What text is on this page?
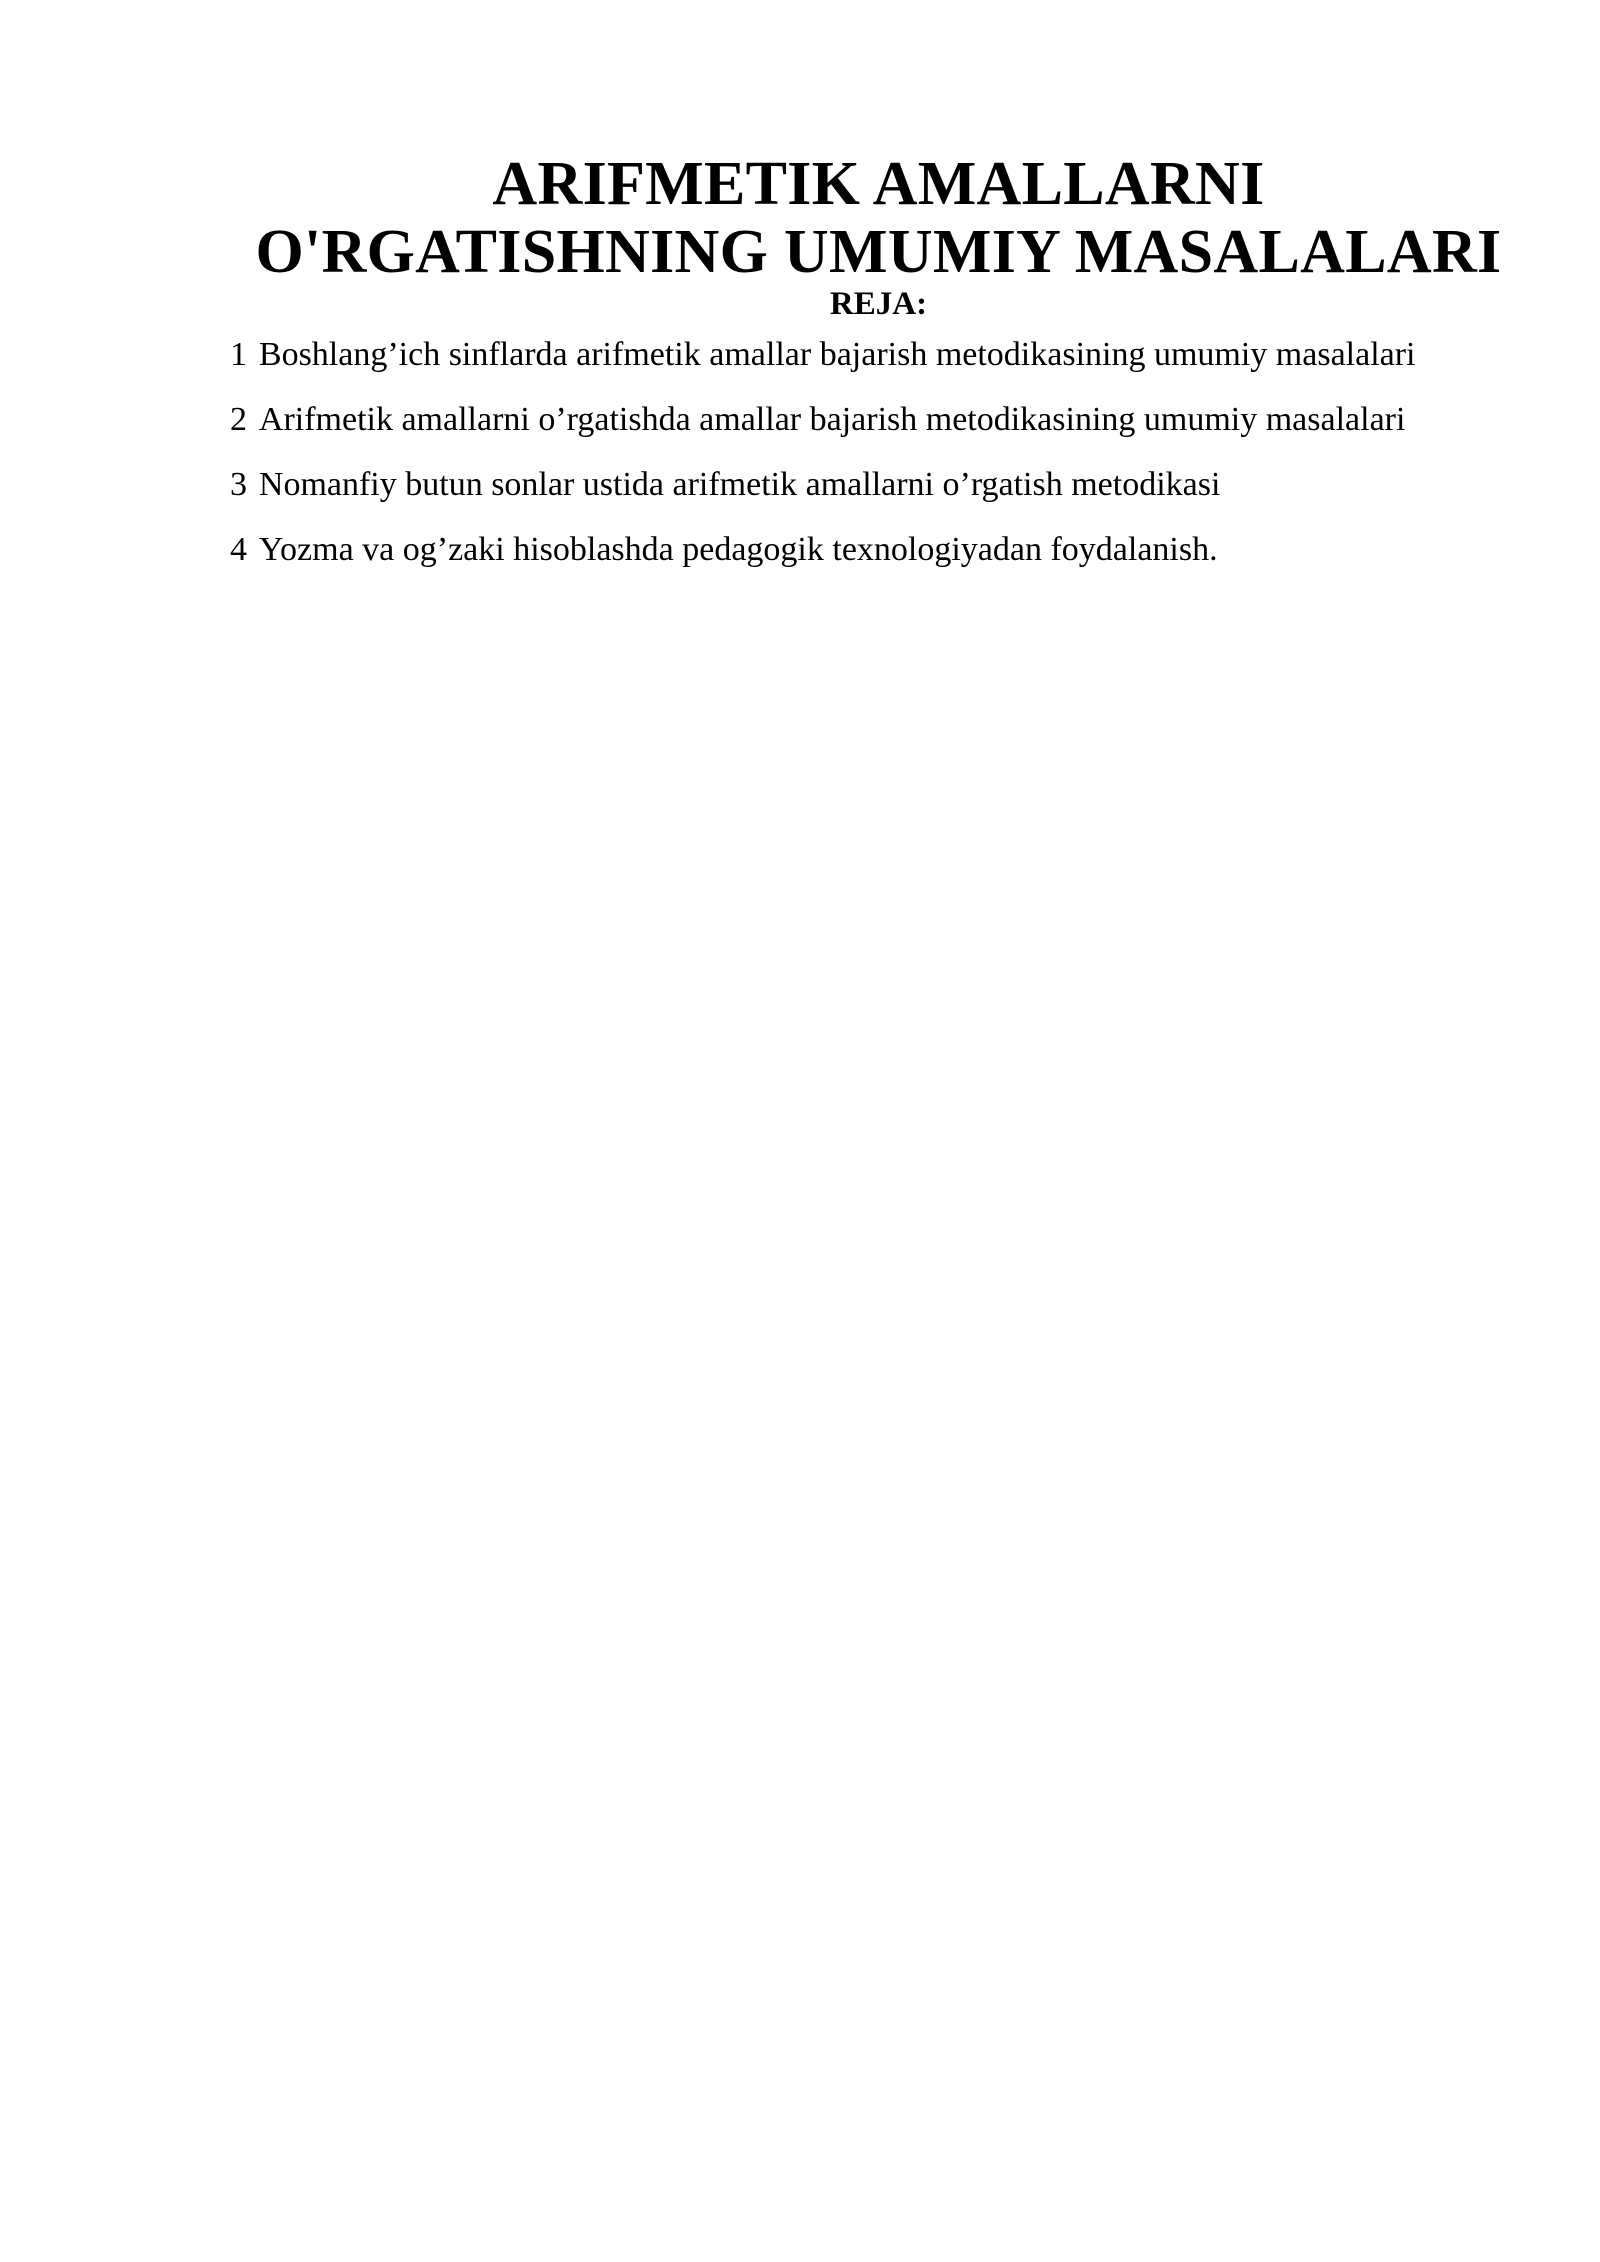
ARIFMETIK AMALLARNI
O'RGATISHNING UMUMIY MASALALARI

REJA:

1 Boshlang’ich sinflarda arifmetik amallar bajarish metodikasining umumiy masalalari
2 Arifmetik amallarni o’rgatishda amallar bajarish metodikasining umumiy masalalari
3 Nomanfiy butun sonlar ustida arifmetik amallarni o’rgatish metodikasi
4 Yozma va og’zaki hisoblashda pedagogik texnologiyadan foydalanish.
